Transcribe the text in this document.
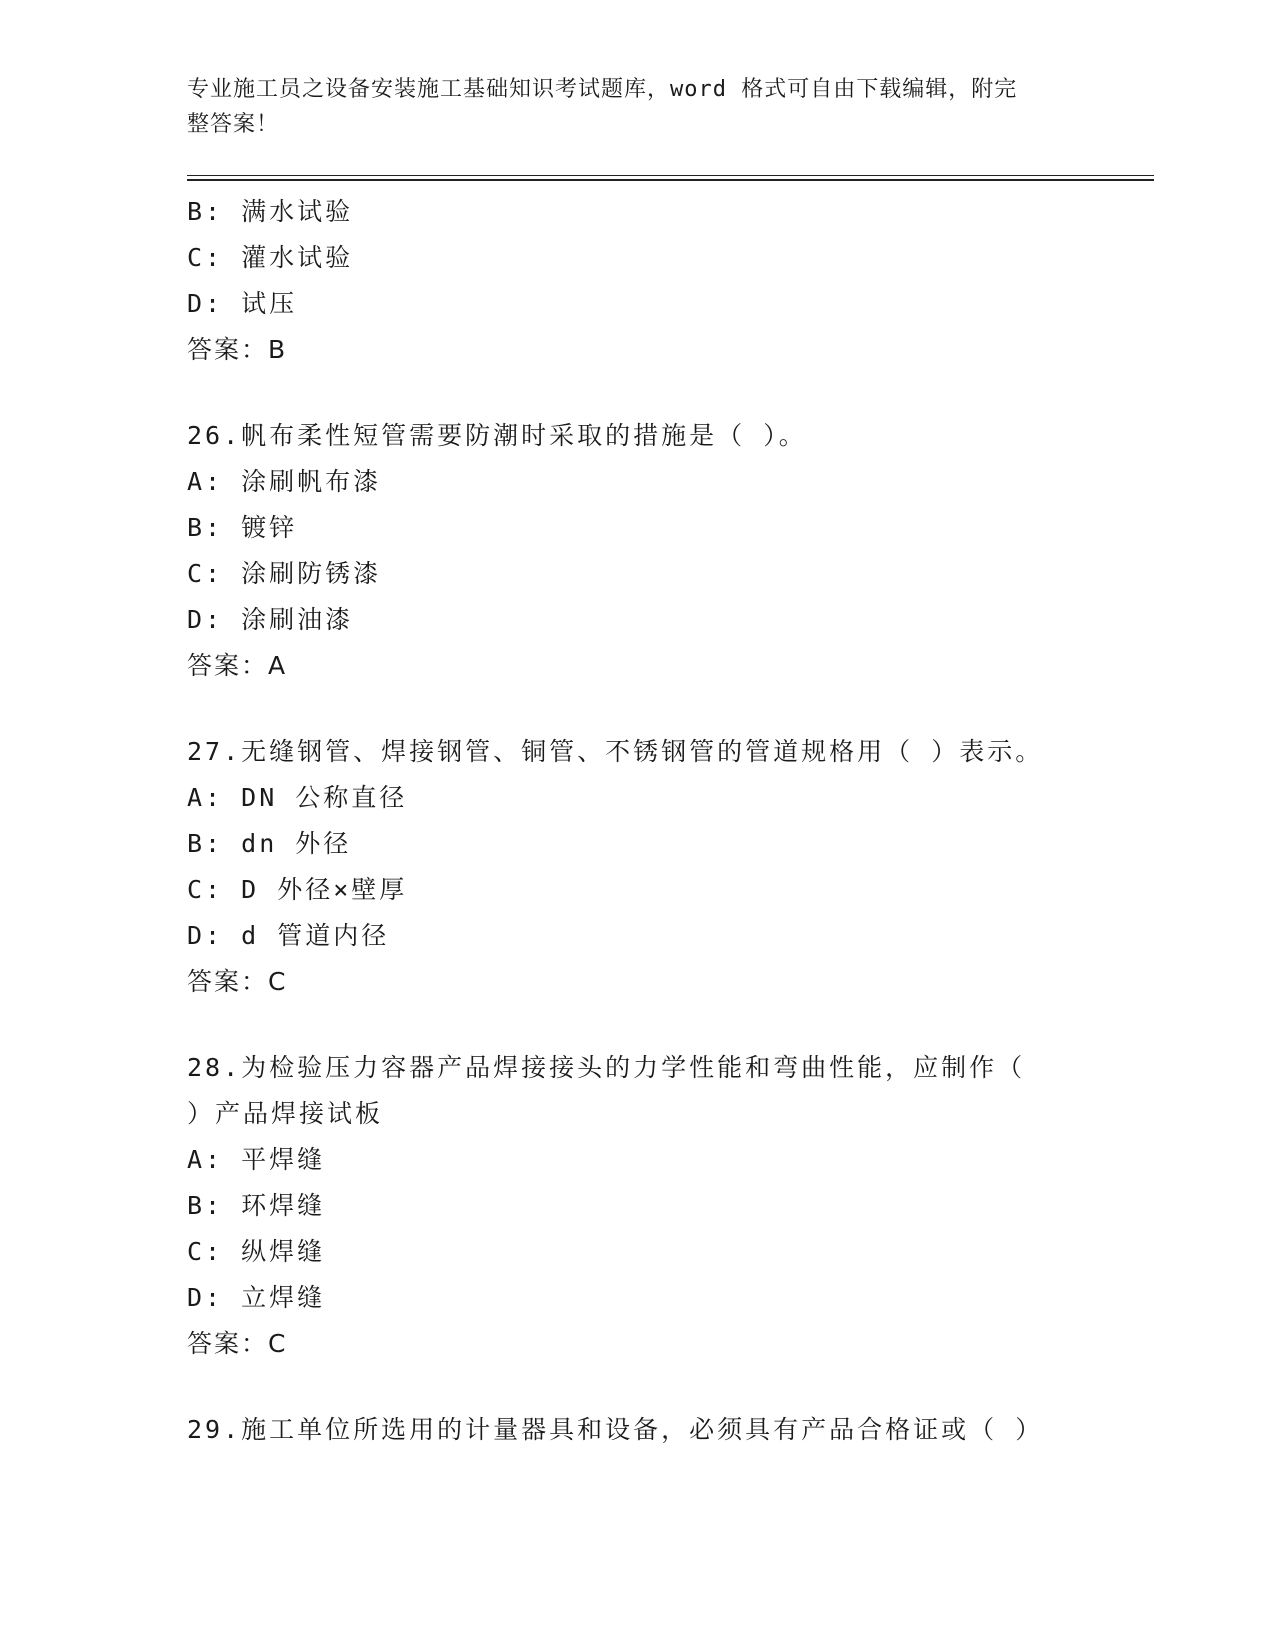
专业施工员之设备安装施工基础知识考试题库，word 格式可自由下载编辑，附完
整答案！
B: 满水试验
C: 灌水试验
D: 试压
答案：B
26.帆布柔性短管需要防潮时采取的措施是（ ）。
A: 涂刷帆布漆
B: 镀锌
C: 涂刷防锈漆
D: 涂刷油漆
答案：A
27.无缝钢管、焊接钢管、铜管、不锈钢管的管道规格用（ ）表示。
A: DN 公称直径
B: dn 外径
C: D 外径×壁厚
D: d 管道内径
答案：C
28.为检验压力容器产品焊接接头的力学性能和弯曲性能，应制作（
）产品焊接试板
A: 平焊缝
B: 环焊缝
C: 纵焊缝
D: 立焊缝
答案：C
29.施工单位所选用的计量器具和设备，必须具有产品合格证或（ ）
